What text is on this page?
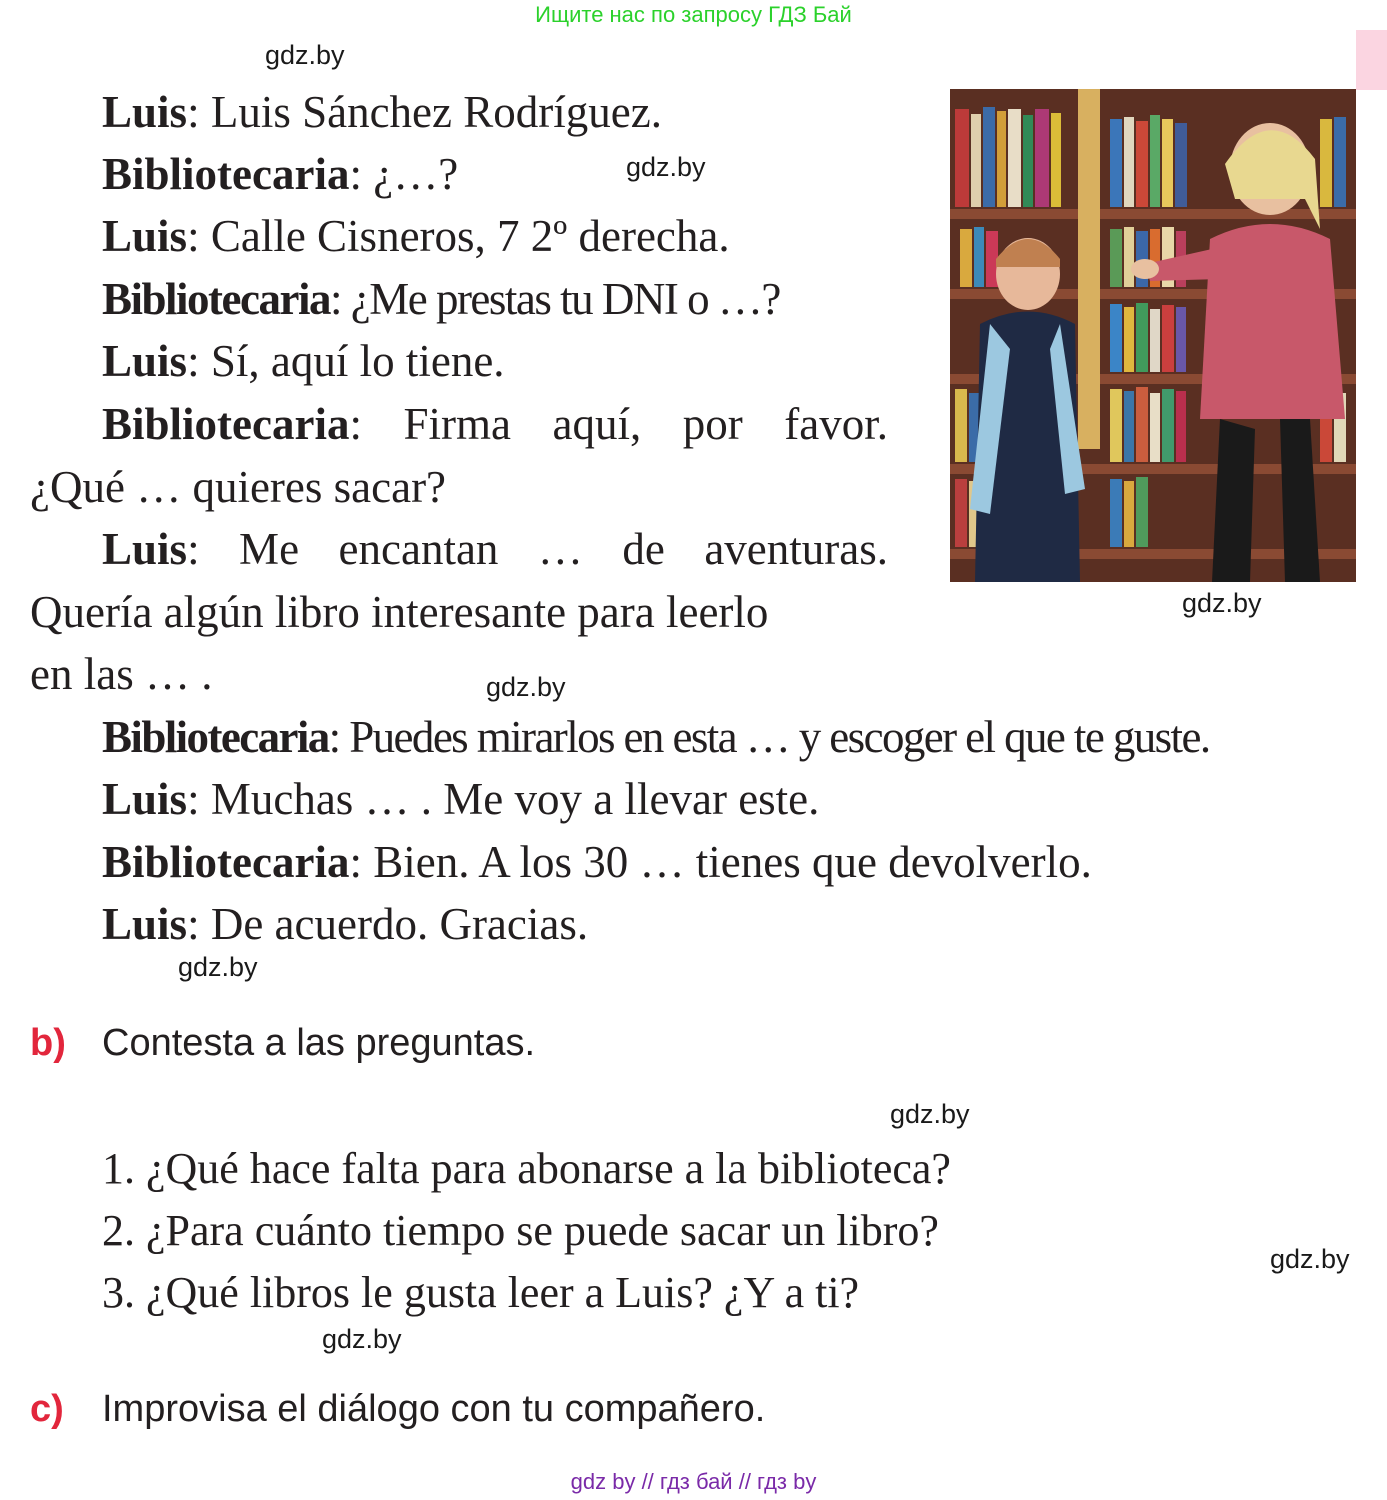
Ищите нас по запросу ГДЗ Бай
gdz.by
gdz.by
gdz.by
gdz.by
gdz.by
gdz.by
gdz.by
gdz.by
Luis: Luis Sánchez Rodríguez.
Bibliotecaria: ¿…?
Luis: Calle Cisneros, 7 2º derecha.
Bibliotecaria: ¿Me prestas tu DNI o …?
Luis: Sí, aquí lo tiene.
Bibliotecaria: Firma aquí, por favor.
¿Qué … quieres sacar?
Luis: Me encantan … de aventuras.
Quería algún libro interesante para leerlo
en las … .
Bibliotecaria: Puedes mirarlos en esta … y escoger el que te guste.
Luis: Muchas … . Me voy a llevar este.
Bibliotecaria: Bien. A los 30 … tienes que devolverlo.
Luis: De acuerdo. Gracias.
b) Contesta a las preguntas.
1. ¿Qué hace falta para abonarse a la biblioteca?
2. ¿Para cuánto tiempo se puede sacar un libro?
3. ¿Qué libros le gusta leer a Luis? ¿Y a ti?
c) Improvisa el diálogo con tu compañero.
gdz by // гдз бай // гдз by
